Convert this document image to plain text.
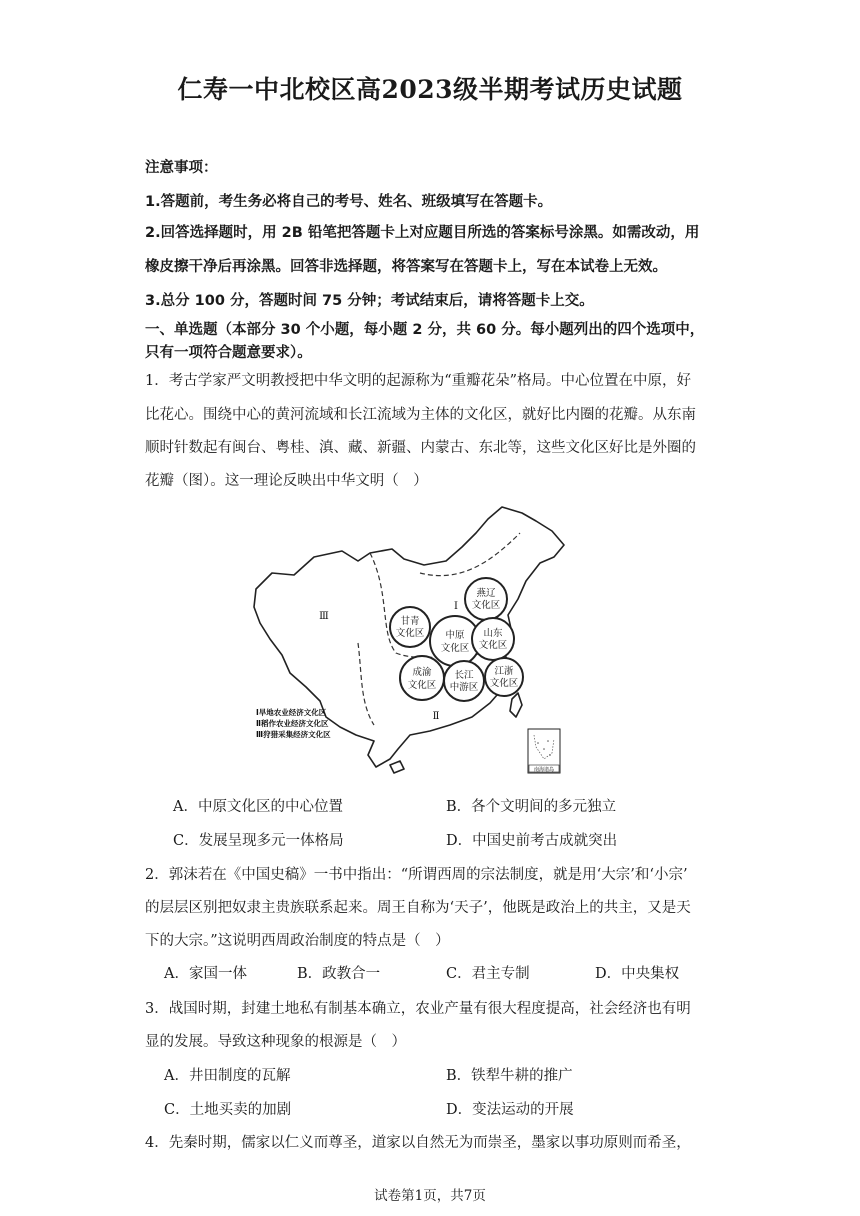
仁寿一中北校区高2023级半期考试历史试题
注意事项：
1.答题前，考生务必将自己的考号、姓名、班级填写在答题卡。
2.回答选择题时，用 2B 铅笔把答题卡上对应题目所选的答案标号涂黑。如需改动，用
橡皮擦干净后再涂黑。回答非选择题，将答案写在答题卡上，写在本试卷上无效。
3.总分 100 分，答题时间 75 分钟；考试结束后，请将答题卡上交。
一、单选题（本部分 30 个小题，每小题 2 分，共 60 分。每小题列出的四个选项中，
只有一项符合题意要求）。
1．考古学家严文明教授把中华文明的起源称为“重瓣花朵”格局。中心位置在中原，好
比花心。围绕中心的黄河流域和长江流域为主体的文化区，就好比内圈的花瓣。从东南
顺时针数起有闽台、粤桂、滇、藏、新疆、内蒙古、东北等，这些文化区好比是外圈的
花瓣（图）。这一理论反映出中华文明（　）
Ⅲ
Ⅰ
Ⅱ
燕辽
文化区
甘青
文化区 中原
文化区
山东
文化区
成渝
文化区
长江
中游区
江浙
文化区
Ⅰ旱地农业经济文化区
Ⅱ稻作农业经济文化区
Ⅲ狩猎采集经济文化区
南海诸岛
A．中原文化区的中心位置	B．各个文明间的多元独立
C．发展呈现多元一体格局	D．中国史前考古成就突出
2．郭沫若在《中国史稿》一书中指出：“所谓西周的宗法制度，就是用‘大宗’和‘小宗’
的层层区别把奴隶主贵族联系起来。周王自称为‘天子’，他既是政治上的共主，又是天
下的大宗。”这说明西周政治制度的特点是（　）
A．家国一体	B．政教合一	C．君主专制	D．中央集权
3．战国时期，封建土地私有制基本确立，农业产量有很大程度提高，社会经济也有明
显的发展。导致这种现象的根源是（　）
A．井田制度的瓦解	B．铁犁牛耕的推广
C．土地买卖的加剧	D．变法运动的开展
4．先秦时期，儒家以仁义而尊圣，道家以自然无为而崇圣，墨家以事功原则而希圣，
试卷第1页，共7页
